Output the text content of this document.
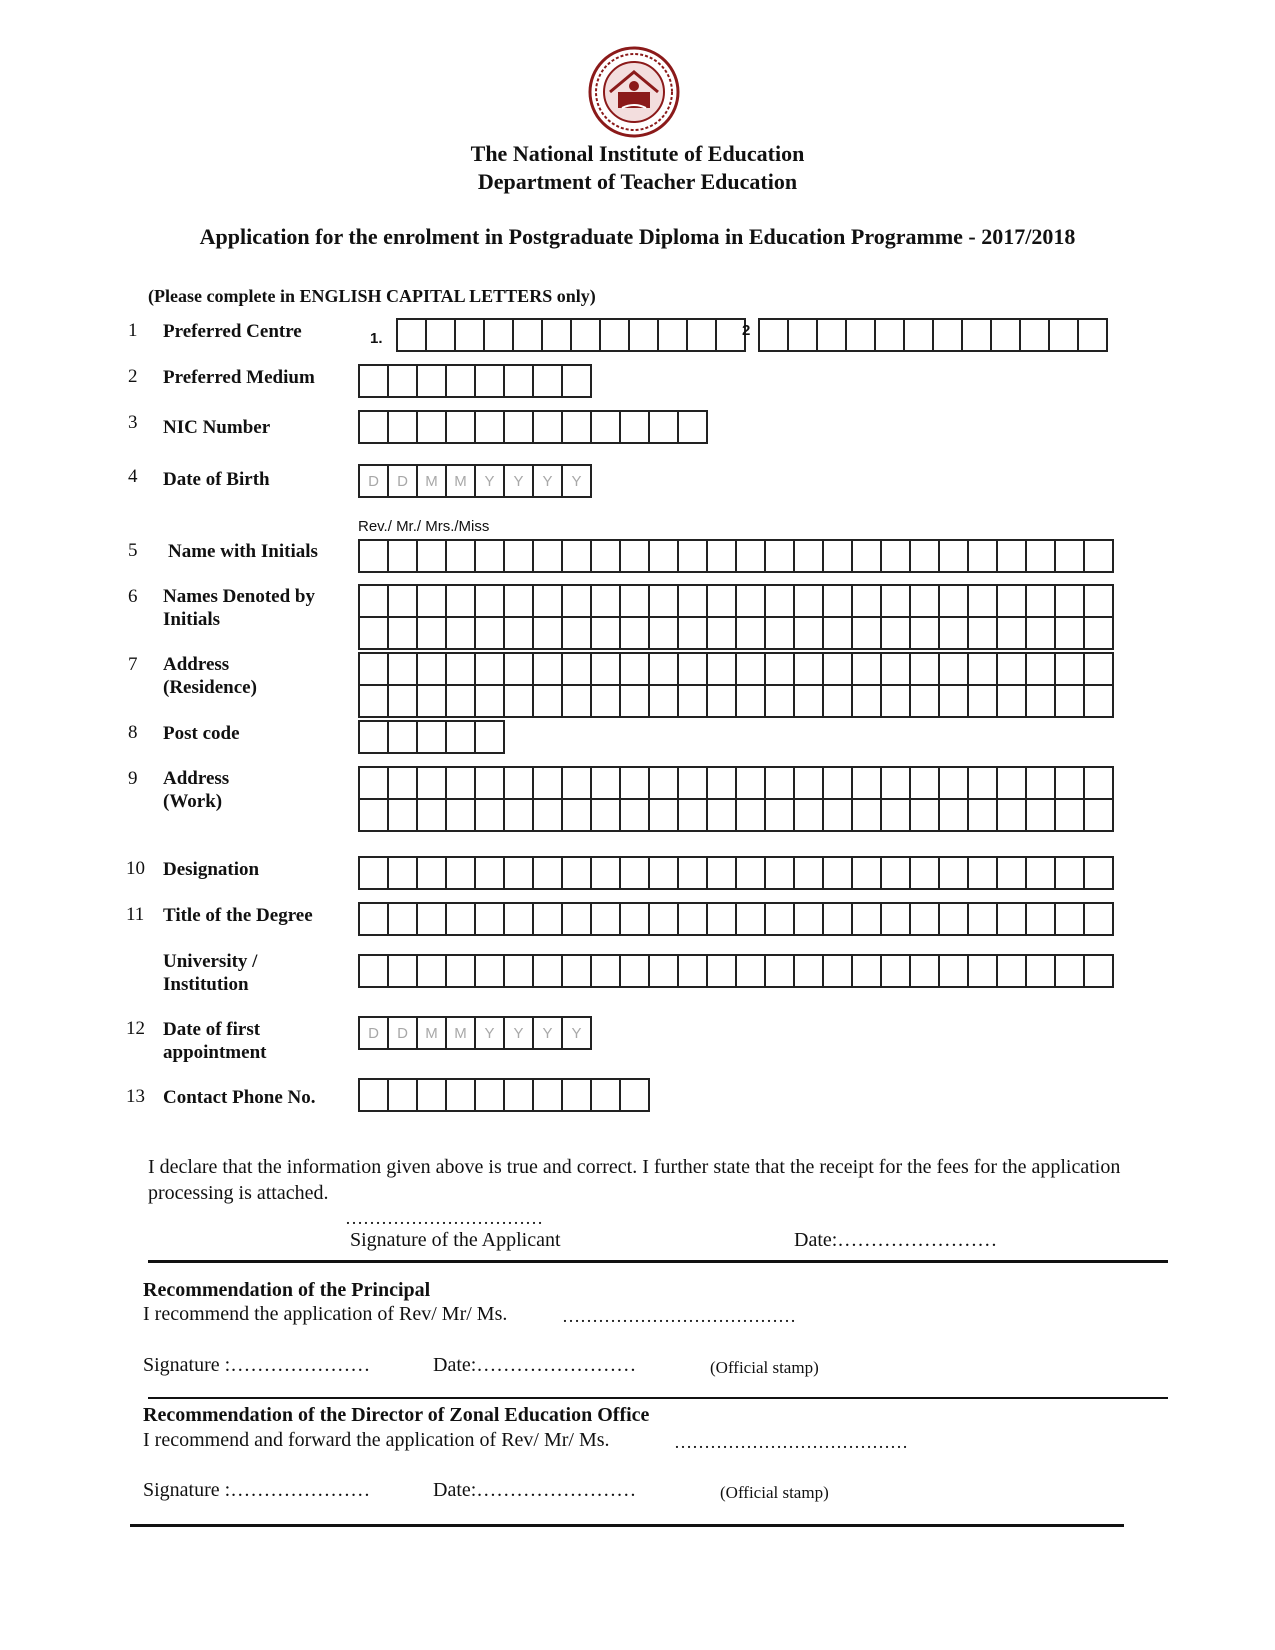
The National Institute of Education
Department of Teacher Education
Application for the enrolment in Postgraduate Diploma in Education Programme - 2017/2018
(Please complete in ENGLISH CAPITAL LETTERS only)
1 Preferred Centre	1.	2
2 Preferred Medium
3 NIC Number
4 Date of Birth	D	D	M	M	Y	Y	Y	Y
Rev./ Mr./ Mrs./Miss
5 Name with Initials
6 Names Denoted by
Initials
7 Address
(Residence)
8 Post code
9 Address
(Work)
10 Designation
11 Title of the Degree
University /
Institution
12 Date of first
appointment
D	D	M	M	Y	Y	Y	Y
13 Contact Phone No.
I declare that the information given above is true and correct. I further state that the receipt for the fees for the application processing is attached.
……………………………
Signature of the Applicant	Date:……………………
Recommendation of the Principal
I recommend the application of Rev/ Mr/ Ms.	…………………………………
Signature :…………………	Date:……………………	(Official stamp)
Recommendation of the Director of Zonal Education Office
I recommend and forward the application of Rev/ Mr/ Ms.	…………………………………
Signature :…………………	Date:……………………	(Official stamp)
